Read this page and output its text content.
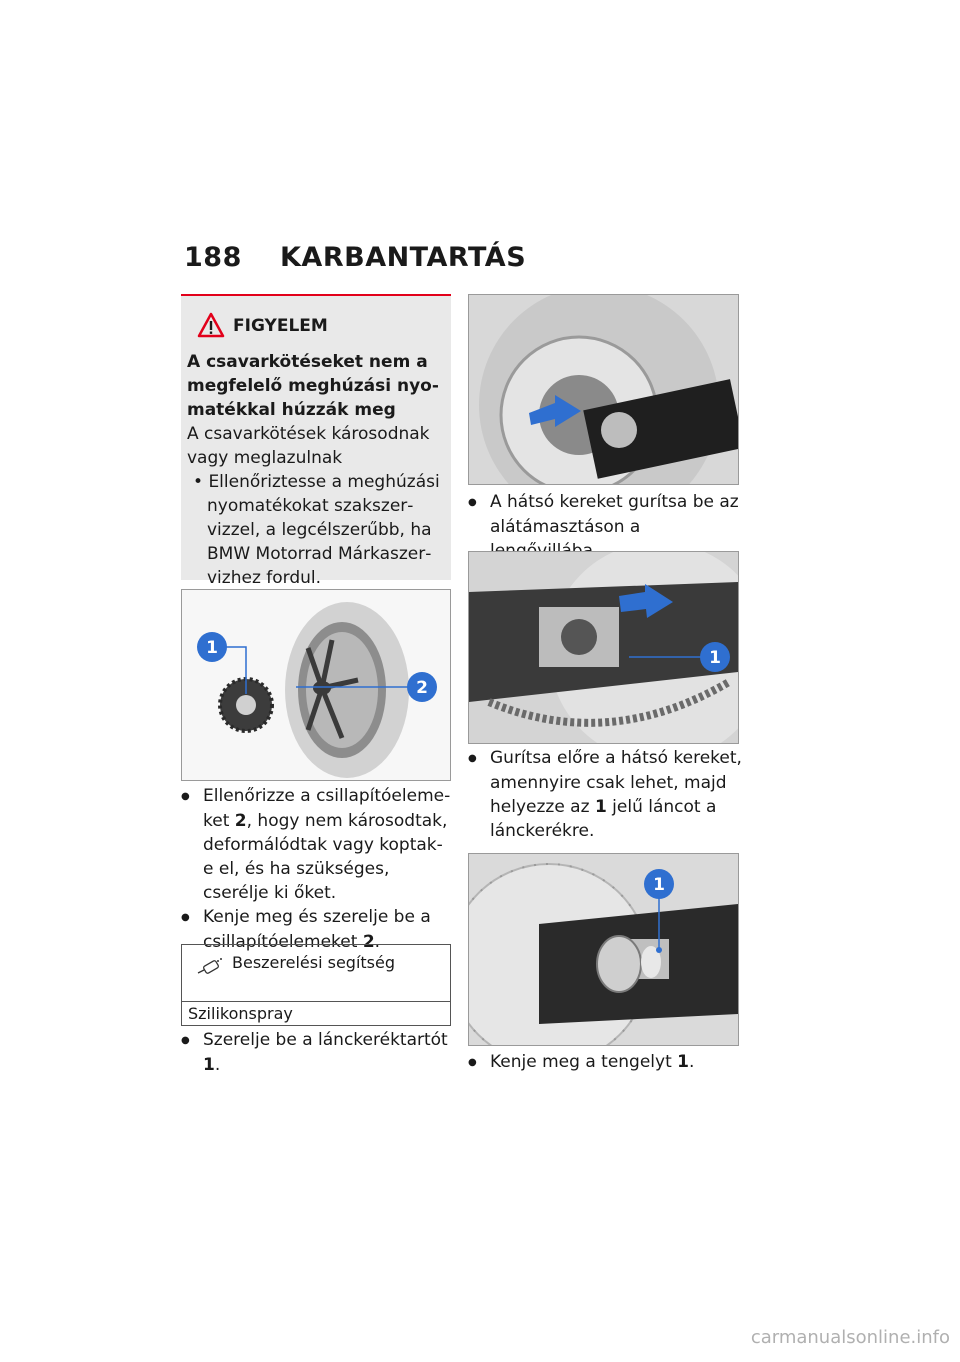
188 KARBANTARTÁS
FIGYELEM
A csavarkötéseket nem a megfelelő meghúzási nyomatékkal húzzák meg
A csavarkötések károsodnak vagy meglazulnak
• Ellenőriztesse a meghúzási nyomatékokat szakszervizzel, a legcélszerűbb, ha BMW Motorrad Márkaszervizhez fordul.
1
2
● Ellenőrizze a csillapítóelemeket 2, hogy nem károsodtak, deformálódtak vagy koptak-e el, és ha szükséges, cserélje ki őket.
● Kenje meg és szerelje be a csillapítóelemeket 2.
Beszerelési segítség
Szilikonspray
● Szerelje be a lánckeréktartót 1.
● A hátsó kereket gurítsa be az alátámasztáson a
1
● Gurítsa előre a hátsó kereket, amennyire csak lehet, majd helyezze az 1 jelű láncot a lánckerékre.
1
● Kenje meg a tengelyt 1.
carmanualsonline.info
